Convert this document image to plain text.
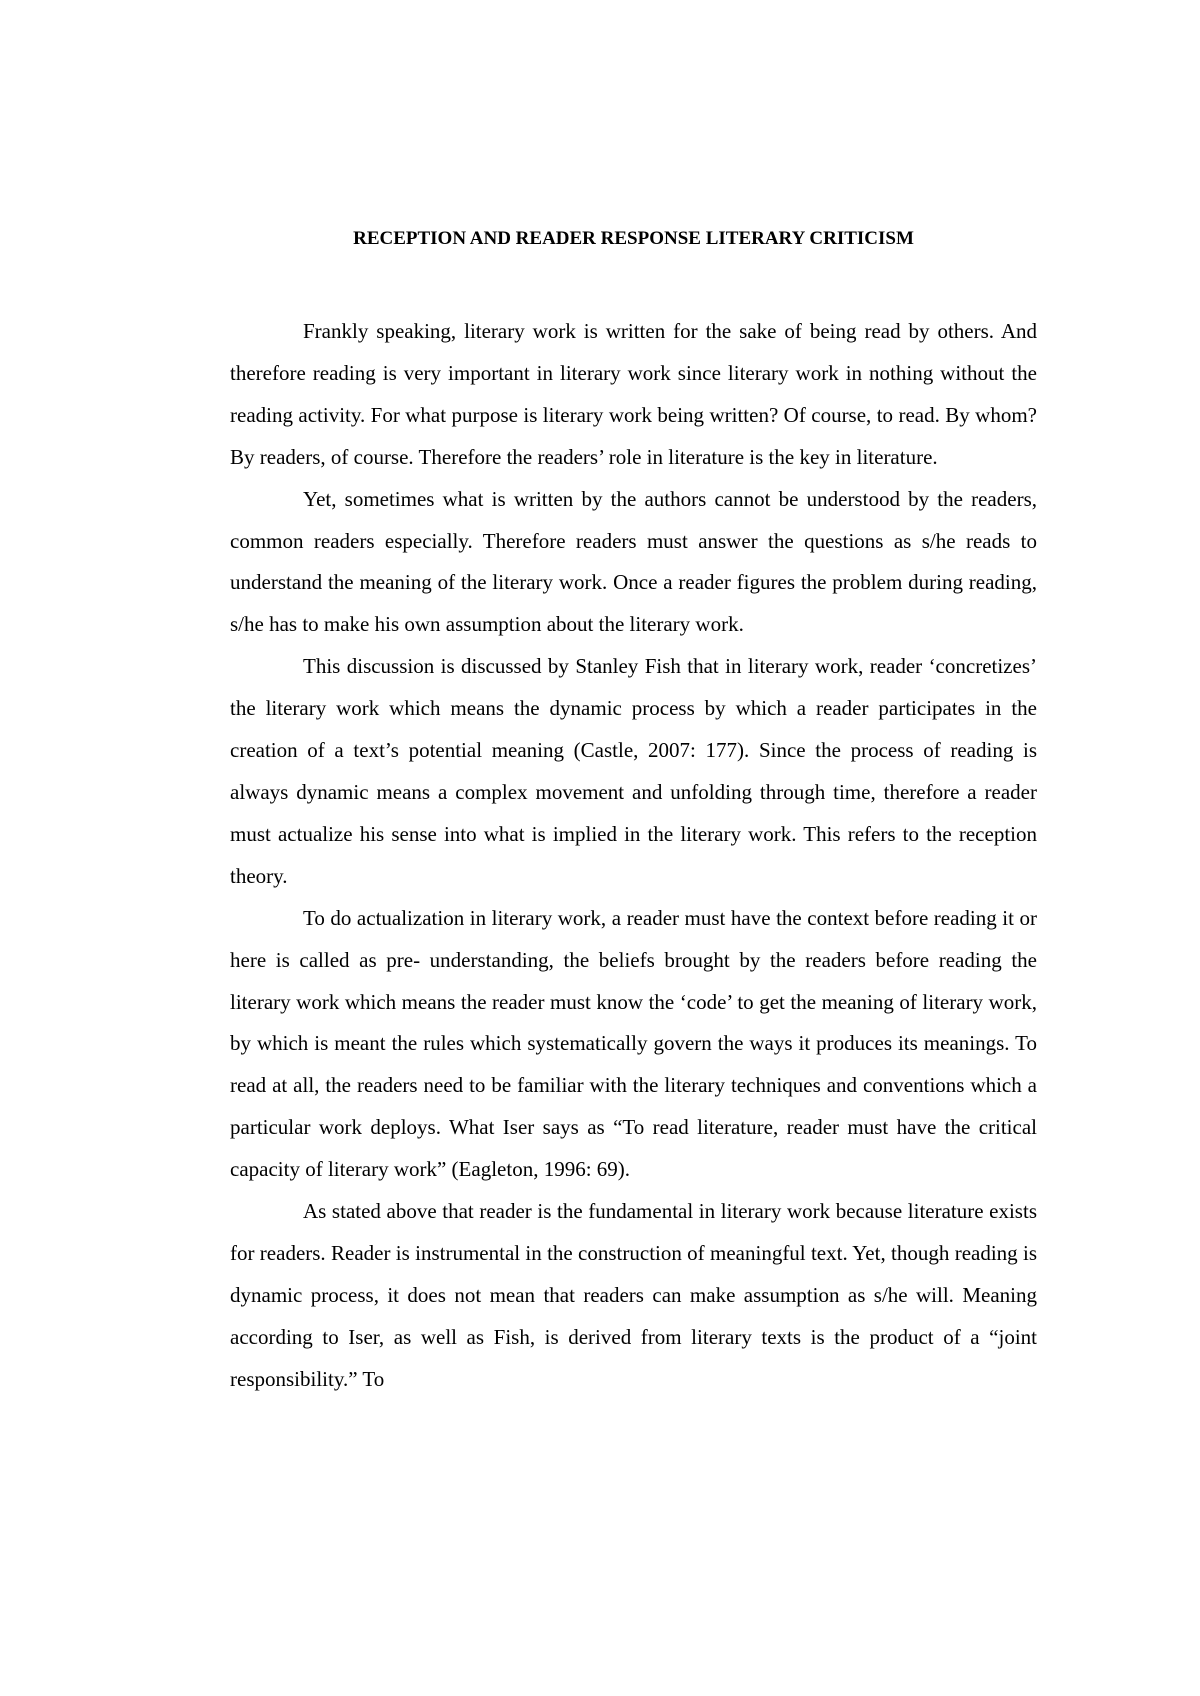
RECEPTION AND READER RESPONSE LITERARY CRITICISM

Frankly speaking, literary work is written for the sake of being read by others. And therefore reading is very important in literary work since literary work in nothing without the reading activity. For what purpose is literary work being written? Of course, to read. By whom? By readers, of course. Therefore the readers’ role in literature is the key in literature.

Yet, sometimes what is written by the authors cannot be understood by the readers, common readers especially. Therefore readers must answer the questions as s/he reads to understand the meaning of the literary work. Once a reader figures the problem during reading, s/he has to make his own assumption about the literary work.

This discussion is discussed by Stanley Fish that in literary work, reader ‘concretizes’ the literary work which means the dynamic process by which a reader participates in the creation of a text’s potential meaning (Castle, 2007: 177). Since the process of reading is always dynamic means a complex movement and unfolding through time, therefore a reader must actualize his sense into what is implied in the literary work. This refers to the reception theory.

To do actualization in literary work, a reader must have the context before reading it or here is called as pre- understanding, the beliefs brought by the readers before reading the literary work which means the reader must know the ‘code’ to get the meaning of literary work, by which is meant the rules which systematically govern the ways it produces its meanings. To read at all, the readers need to be familiar with the literary techniques and conventions which a particular work deploys. What Iser says as “To read literature, reader must have the critical capacity of literary work” (Eagleton, 1996: 69).

As stated above that reader is the fundamental in literary work because literature exists for readers. Reader is instrumental in the construction of meaningful text. Yet, though reading is dynamic process, it does not mean that readers can make assumption as s/he will. Meaning according to Iser, as well as Fish, is derived from literary texts is the product of a “joint responsibility.” To
